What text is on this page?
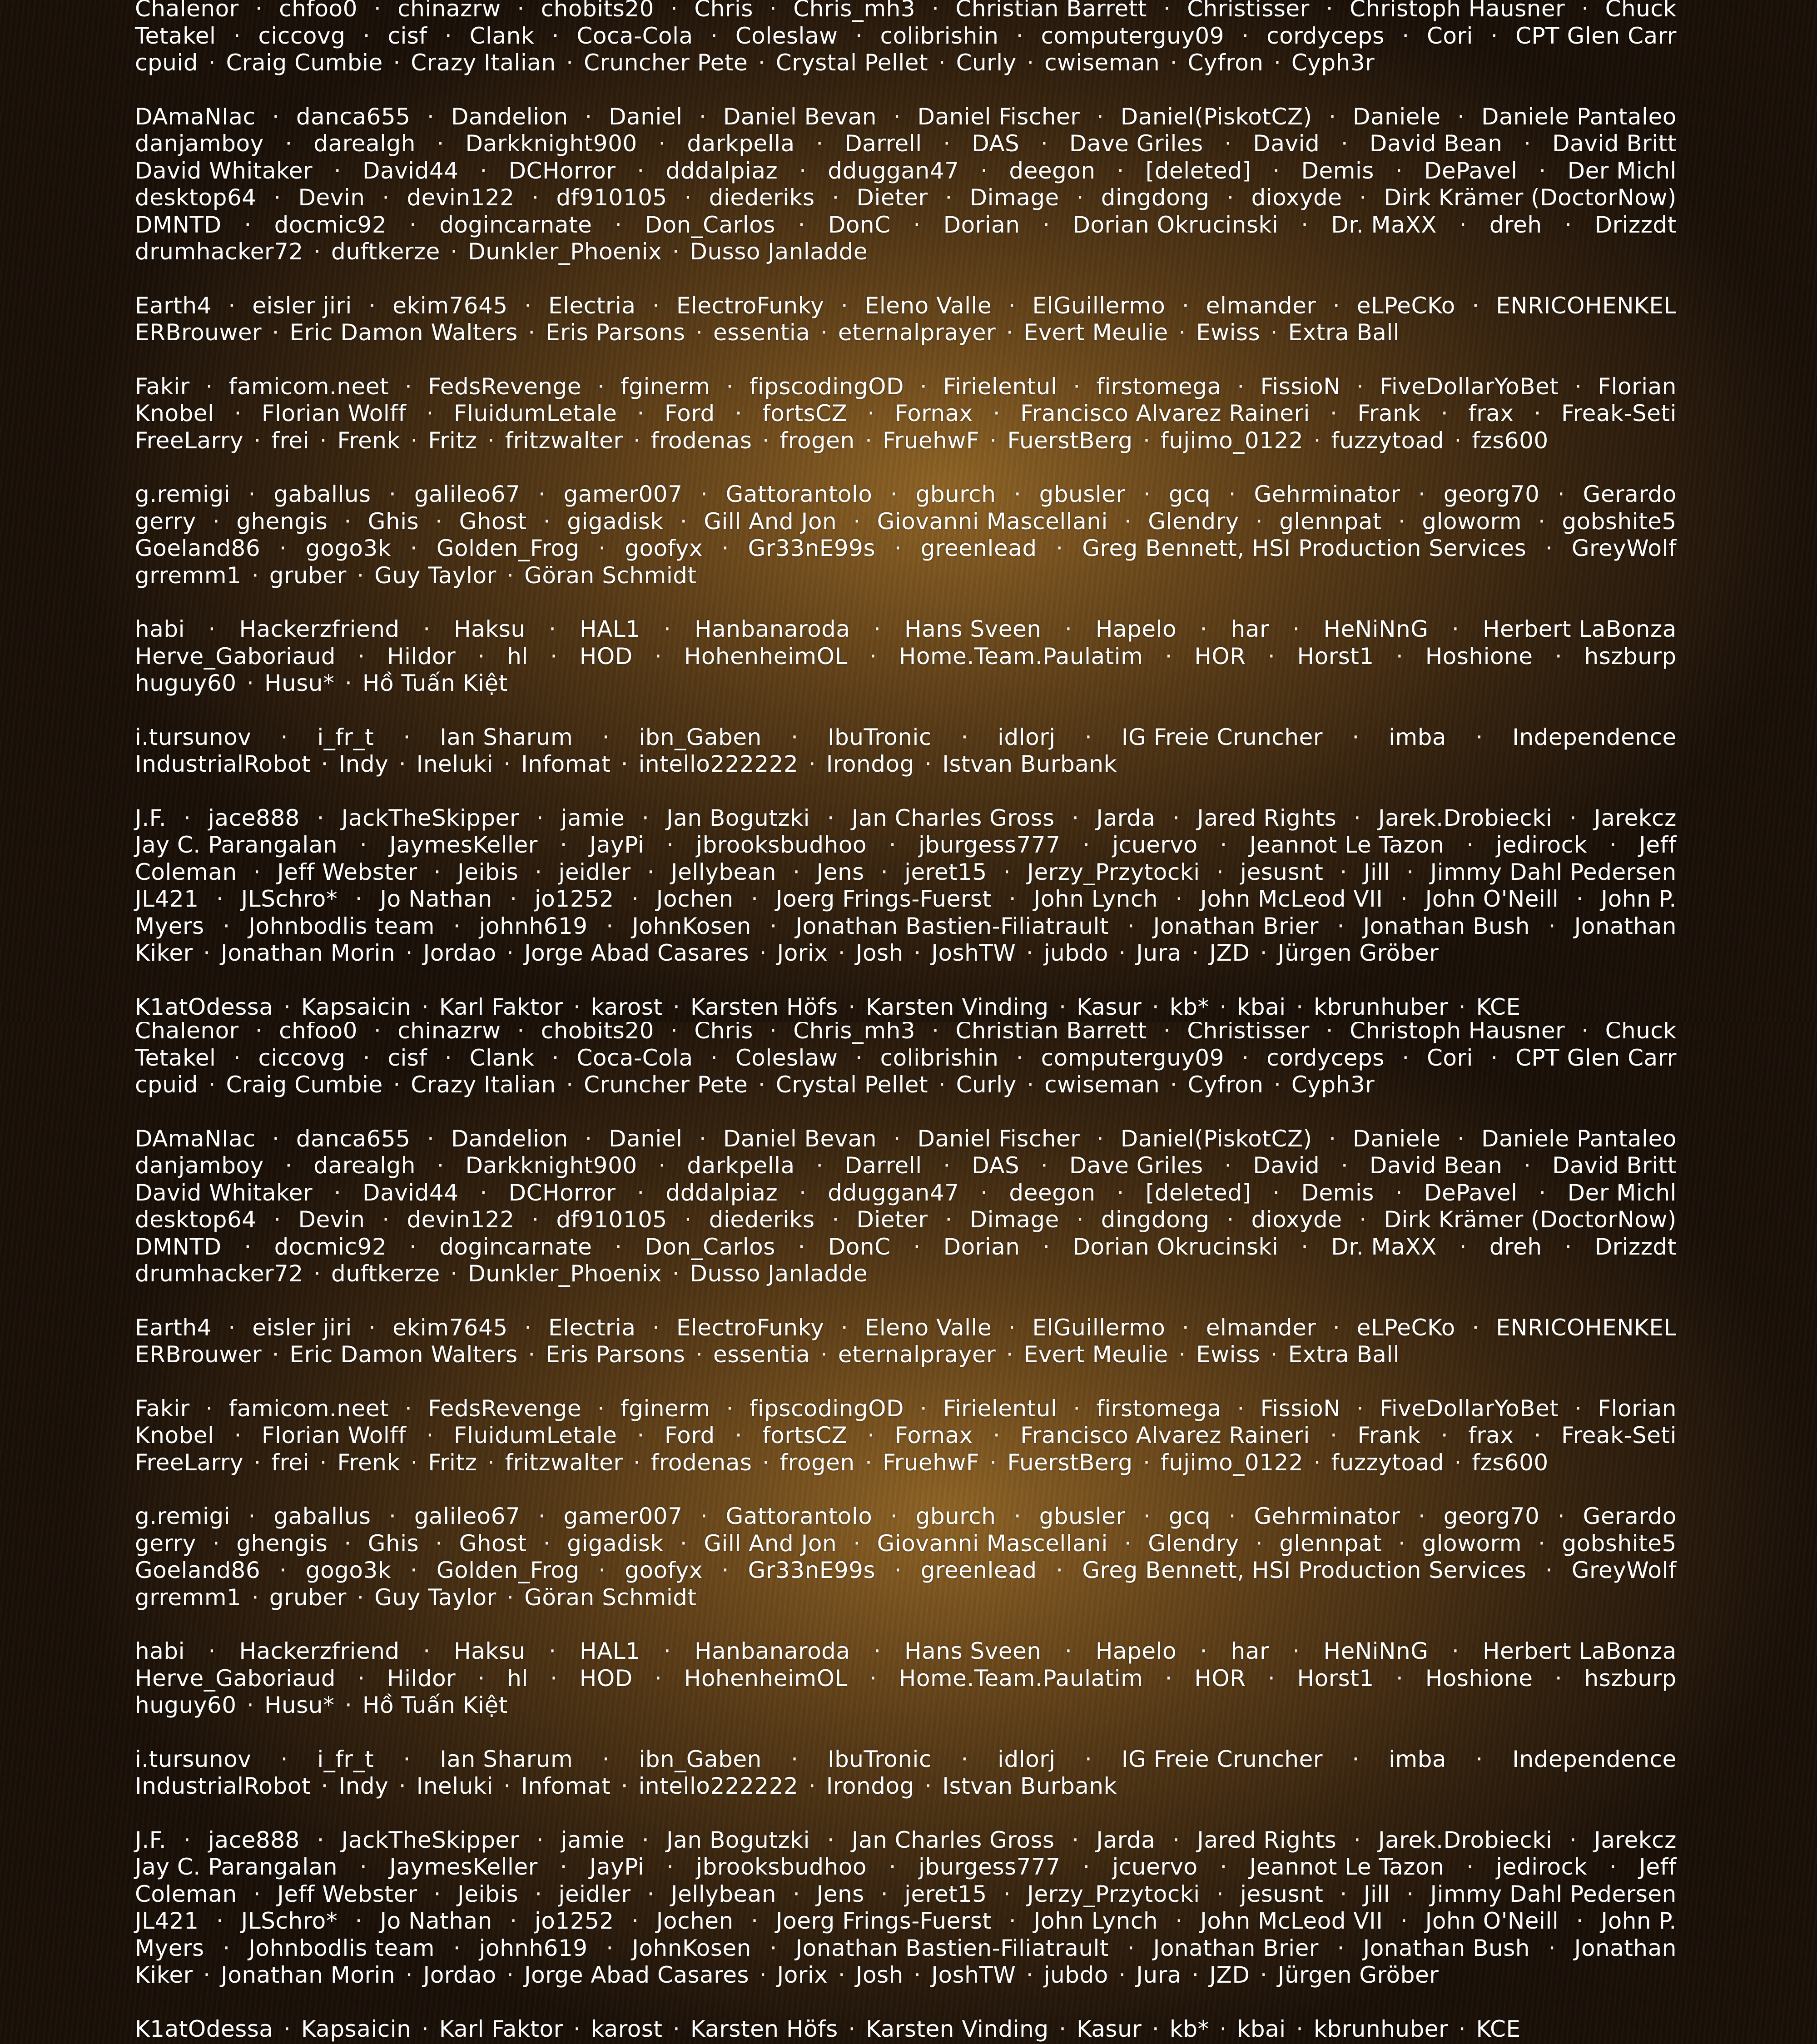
Chalenor · chfoo0 · chinazrw · chobits20 · Chris · Chris_mh3 · Christian Barrett · Christisser · Christoph Hausner · Chuck
Tetakel · ciccovg · cisf · Clank · Coca-Cola · Coleslaw · colibrishin · computerguy09 · cordyceps · Cori · CPT Glen Carr
cpuid · Craig Cumbie · Crazy Italian · Cruncher Pete · Crystal Pellet · Curly · cwiseman · Cyfron · Cyph3r
DAmaNIac · danca655 · Dandelion · Daniel · Daniel Bevan · Daniel Fischer · Daniel(PiskotCZ) · Daniele · Daniele Pantaleo
danjamboy · darealgh · Darkknight900 · darkpella · Darrell · DAS · Dave Griles · David · David Bean · David Britt
David Whitaker · David44 · DCHorror · dddalpiaz · dduggan47 · deegon · [deleted] · Demis · DePavel · Der Michl
desktop64 · Devin · devin122 · df910105 · diederiks · Dieter · Dimage · dingdong · dioxyde · Dirk Krämer (DoctorNow)
DMNTD · docmic92 · dogincarnate · Don_Carlos · DonC · Dorian · Dorian Okrucinski · Dr. MaXX · dreh · Drizzdt
drumhacker72 · duftkerze · Dunkler_Phoenix · Dusso Janladde
Earth4 · eisler jiri · ekim7645 · Electria · ElectroFunky · Eleno Valle · ElGuillermo · elmander · eLPeCKo · ENRICOHENKEL
ERBrouwer · Eric Damon Walters · Eris Parsons · essentia · eternalprayer · Evert Meulie · Ewiss · Extra Ball
Fakir · famicom.neet · FedsRevenge · fginerm · fipscodingOD · Firielentul · firstomega · FissioN · FiveDollarYoBet · Florian
Knobel · Florian Wolff · FluidumLetale · Ford · fortsCZ · Fornax · Francisco Alvarez Raineri · Frank · frax · Freak-Seti
FreeLarry · frei · Frenk · Fritz · fritzwalter · frodenas · frogen · FruehwF · FuerstBerg · fujimo_0122 · fuzzytoad · fzs600
g.remigi · gaballus · galileo67 · gamer007 · Gattorantolo · gburch · gbusler · gcq · Gehrminator · georg70 · Gerardo
gerry · ghengis · Ghis · Ghost · gigadisk · Gill And Jon · Giovanni Mascellani · Glendry · glennpat · gloworm · gobshite5
Goeland86 · gogo3k · Golden_Frog · goofyx · Gr33nE99s · greenlead · Greg Bennett, HSI Production Services · GreyWolf
grremm1 · gruber · Guy Taylor · Göran Schmidt
habi · Hackerzfriend · Haksu · HAL1 · Hanbanaroda · Hans Sveen · Hapelo · har · HeNiNnG · Herbert LaBonza
Herve_Gaboriaud · Hildor · hl · HOD · HohenheimOL · Home.Team.Paulatim · HOR · Horst1 · Hoshione · hszburp
huguy60 · Husu* · Hồ Tuấn Kiệt
i.tursunov · i_fr_t · Ian Sharum · ibn_Gaben · IbuTronic · idlorj · IG Freie Cruncher · imba · Independence
IndustrialRobot · Indy · Ineluki · Infomat · intello222222 · Irondog · Istvan Burbank
J.F. · jace888 · JackTheSkipper · jamie · Jan Bogutzki · Jan Charles Gross · Jarda · Jared Rights · Jarek.Drobiecki · Jarekcz
Jay C. Parangalan · JaymesKeller · JayPi · jbrooksbudhoo · jburgess777 · jcuervo · Jeannot Le Tazon · jedirock · Jeff
Coleman · Jeff Webster · Jeibis · jeidler · Jellybean · Jens · jeret15 · Jerzy_Przytocki · jesusnt · Jill · Jimmy Dahl Pedersen
JL421 · JLSchro* · Jo Nathan · jo1252 · Jochen · Joerg Frings-Fuerst · John Lynch · John McLeod VII · John O'Neill · John P.
Myers · Johnbodlis team · johnh619 · JohnKosen · Jonathan Bastien-Filiatrault · Jonathan Brier · Jonathan Bush · Jonathan
Kiker · Jonathan Morin · Jordao · Jorge Abad Casares · Jorix · Josh · JoshTW · jubdo · Jura · JZD · Jürgen Gröber
K1atOdessa · Kapsaicin · Karl Faktor · karost · Karsten Höfs · Karsten Vinding · Kasur · kb* · kbai · kbrunhuber · KCE
Chalenor · chfoo0 · chinazrw · chobits20 · Chris · Chris_mh3 · Christian Barrett · Christisser · Christoph Hausner · Chuck
Tetakel · ciccovg · cisf · Clank · Coca-Cola · Coleslaw · colibrishin · computerguy09 · cordyceps · Cori · CPT Glen Carr
cpuid · Craig Cumbie · Crazy Italian · Cruncher Pete · Crystal Pellet · Curly · cwiseman · Cyfron · Cyph3r
DAmaNIac · danca655 · Dandelion · Daniel · Daniel Bevan · Daniel Fischer · Daniel(PiskotCZ) · Daniele · Daniele Pantaleo
danjamboy · darealgh · Darkknight900 · darkpella · Darrell · DAS · Dave Griles · David · David Bean · David Britt
David Whitaker · David44 · DCHorror · dddalpiaz · dduggan47 · deegon · [deleted] · Demis · DePavel · Der Michl
desktop64 · Devin · devin122 · df910105 · diederiks · Dieter · Dimage · dingdong · dioxyde · Dirk Krämer (DoctorNow)
DMNTD · docmic92 · dogincarnate · Don_Carlos · DonC · Dorian · Dorian Okrucinski · Dr. MaXX · dreh · Drizzdt
drumhacker72 · duftkerze · Dunkler_Phoenix · Dusso Janladde
Earth4 · eisler jiri · ekim7645 · Electria · ElectroFunky · Eleno Valle · ElGuillermo · elmander · eLPeCKo · ENRICOHENKEL
ERBrouwer · Eric Damon Walters · Eris Parsons · essentia · eternalprayer · Evert Meulie · Ewiss · Extra Ball
Fakir · famicom.neet · FedsRevenge · fginerm · fipscodingOD · Firielentul · firstomega · FissioN · FiveDollarYoBet · Florian
Knobel · Florian Wolff · FluidumLetale · Ford · fortsCZ · Fornax · Francisco Alvarez Raineri · Frank · frax · Freak-Seti
FreeLarry · frei · Frenk · Fritz · fritzwalter · frodenas · frogen · FruehwF · FuerstBerg · fujimo_0122 · fuzzytoad · fzs600
g.remigi · gaballus · galileo67 · gamer007 · Gattorantolo · gburch · gbusler · gcq · Gehrminator · georg70 · Gerardo
gerry · ghengis · Ghis · Ghost · gigadisk · Gill And Jon · Giovanni Mascellani · Glendry · glennpat · gloworm · gobshite5
Goeland86 · gogo3k · Golden_Frog · goofyx · Gr33nE99s · greenlead · Greg Bennett, HSI Production Services · GreyWolf
grremm1 · gruber · Guy Taylor · Göran Schmidt
habi · Hackerzfriend · Haksu · HAL1 · Hanbanaroda · Hans Sveen · Hapelo · har · HeNiNnG · Herbert LaBonza
Herve_Gaboriaud · Hildor · hl · HOD · HohenheimOL · Home.Team.Paulatim · HOR · Horst1 · Hoshione · hszburp
huguy60 · Husu* · Hồ Tuấn Kiệt
i.tursunov · i_fr_t · Ian Sharum · ibn_Gaben · IbuTronic · idlorj · IG Freie Cruncher · imba · Independence
IndustrialRobot · Indy · Ineluki · Infomat · intello222222 · Irondog · Istvan Burbank
J.F. · jace888 · JackTheSkipper · jamie · Jan Bogutzki · Jan Charles Gross · Jarda · Jared Rights · Jarek.Drobiecki · Jarekcz
Jay C. Parangalan · JaymesKeller · JayPi · jbrooksbudhoo · jburgess777 · jcuervo · Jeannot Le Tazon · jedirock · Jeff
Coleman · Jeff Webster · Jeibis · jeidler · Jellybean · Jens · jeret15 · Jerzy_Przytocki · jesusnt · Jill · Jimmy Dahl Pedersen
JL421 · JLSchro* · Jo Nathan · jo1252 · Jochen · Joerg Frings-Fuerst · John Lynch · John McLeod VII · John O'Neill · John P.
Myers · Johnbodlis team · johnh619 · JohnKosen · Jonathan Bastien-Filiatrault · Jonathan Brier · Jonathan Bush · Jonathan
Kiker · Jonathan Morin · Jordao · Jorge Abad Casares · Jorix · Josh · JoshTW · jubdo · Jura · JZD · Jürgen Gröber
K1atOdessa · Kapsaicin · Karl Faktor · karost · Karsten Höfs · Karsten Vinding · Kasur · kb* · kbai · kbrunhuber · KCE
